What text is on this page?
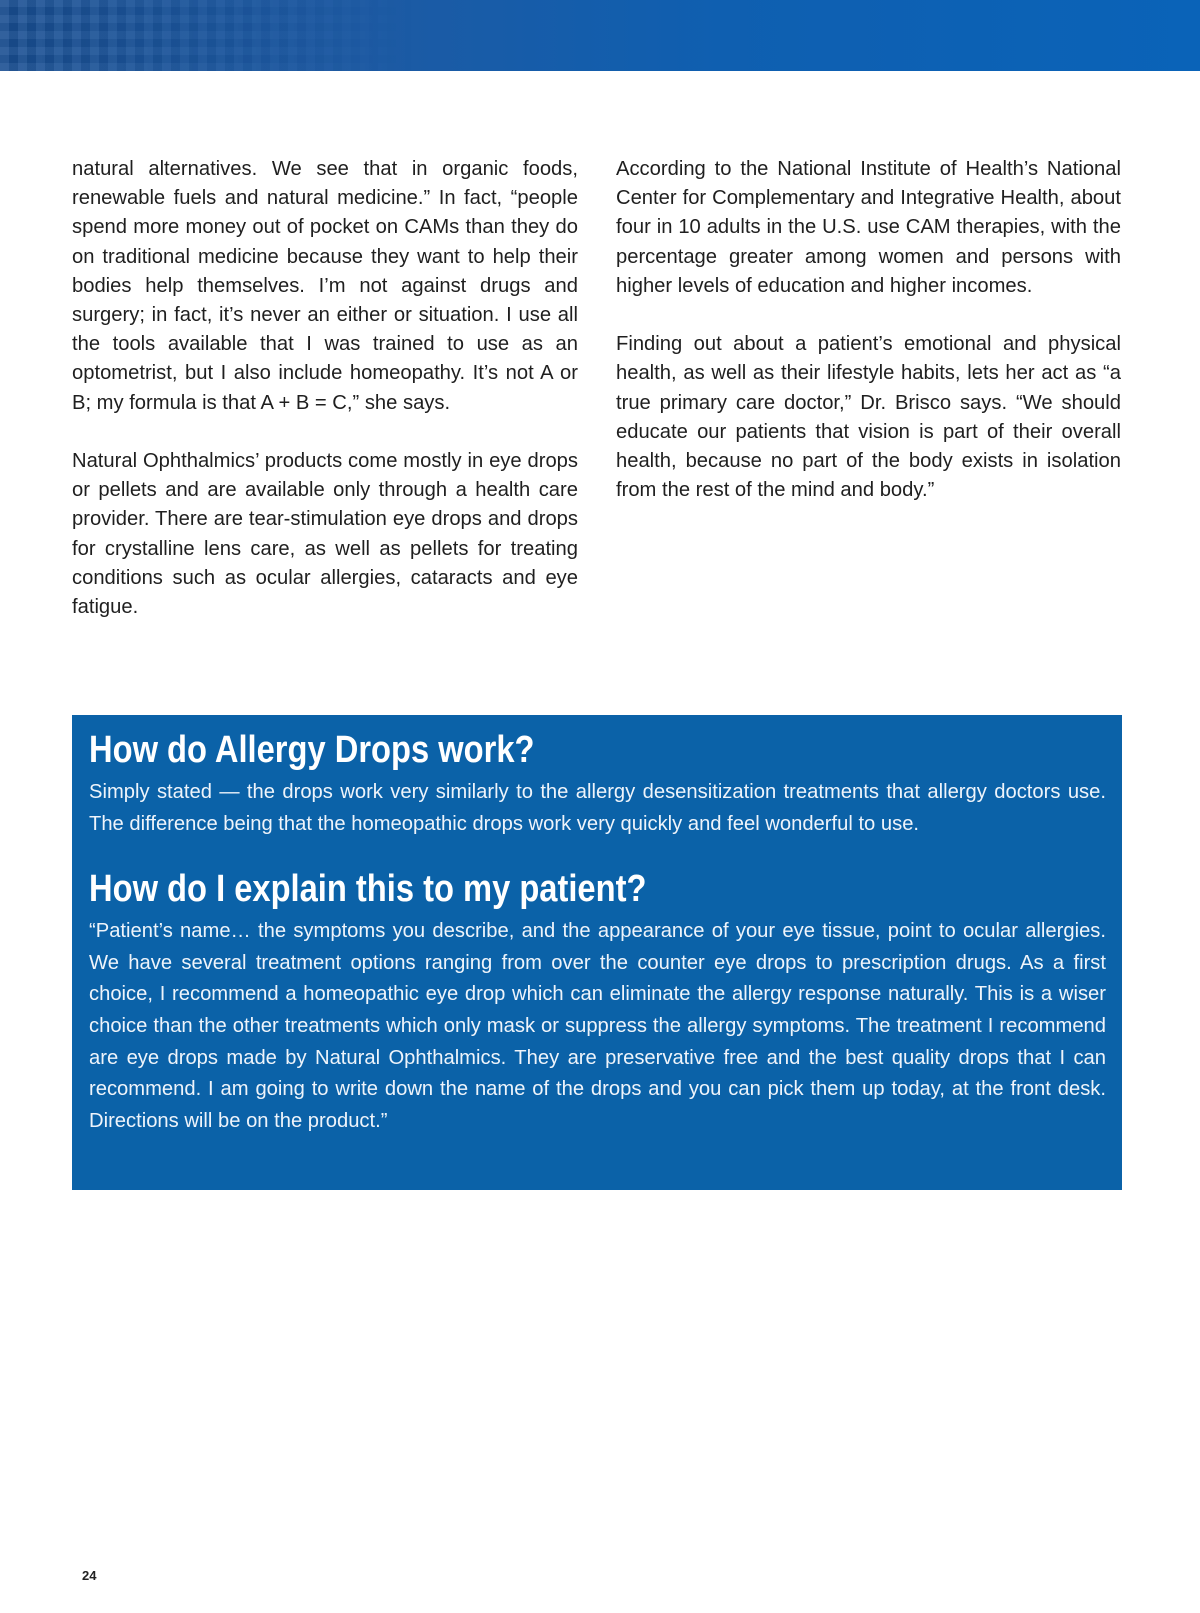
natural alternatives. We see that in organic foods, renewable fuels and natural medicine.” In fact, “people spend more money out of pocket on CAMs than they do on traditional medicine because they want to help their bodies help themselves. I’m not against drugs and surgery; in fact, it’s never an either or situation. I use all the tools available that I was trained to use as an optometrist, but I also include homeopathy. It’s not A or B; my formula is that A + B = C,” she says.

Natural Ophthalmics’ products come mostly in eye drops or pellets and are available only through a health care provider. There are tear-stimulation eye drops and drops for crystalline lens care, as well as pellets for treating conditions such as ocular allergies, cataracts and eye fatigue.

According to the National Institute of Health’s National Center for Complementary and Integrative Health, about four in 10 adults in the U.S. use CAM therapies, with the percentage greater among women and persons with higher levels of education and higher incomes.

Finding out about a patient’s emotional and physical health, as well as their lifestyle habits, lets her act as “a true primary care doctor,” Dr. Brisco says. “We should educate our patients that vision is part of their overall health, because no part of the body exists in isolation from the rest of the mind and body.”

How do Allergy Drops work?

Simply stated — the drops work very similarly to the allergy desensitization treatments that allergy doctors use. The difference being that the homeopathic drops work very quickly and feel wonderful to use.

How do I explain this to my patient?

“Patient’s name… the symptoms you describe, and the appearance of your eye tissue, point to ocular allergies. We have several treatment options ranging from over the counter eye drops to prescription drugs. As a first choice, I recommend a homeopathic eye drop which can eliminate the allergy response naturally. This is a wiser choice than the other treatments which only mask or suppress the allergy symptoms. The treatment I recommend are eye drops made by Natural Ophthalmics. They are preservative free and the best quality drops that I can recommend. I am going to write down the name of the drops and you can pick them up today, at the front desk. Directions will be on the product.”

24
